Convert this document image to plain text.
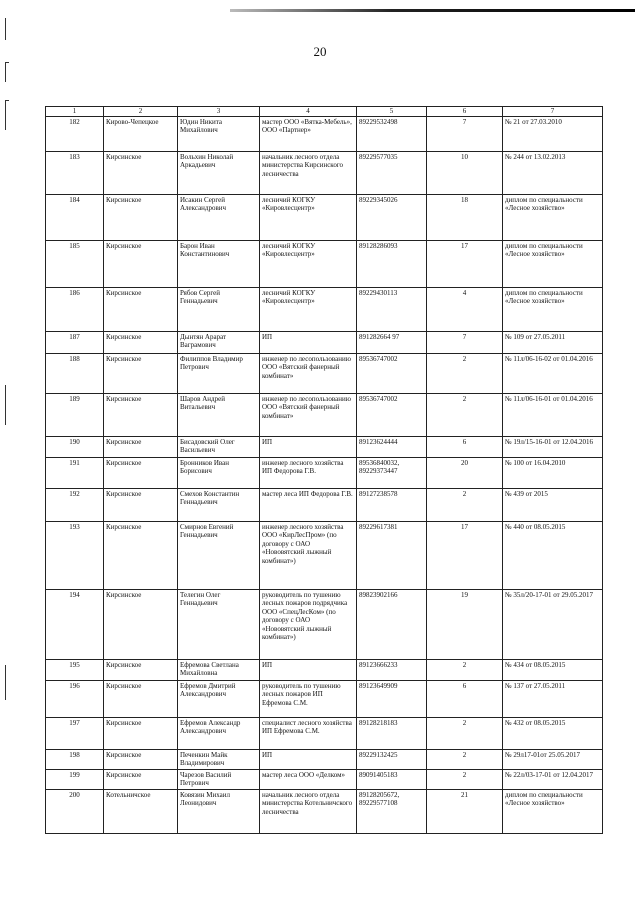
20
1	2	3	4	5	6	7
182	Кирово-Чепецкое	Юдин Никита Михайлович	мастер ООО «Вятка-Мебель», ООО «Партнер»	89229532498	7	№ 21 от 27.03.2010
183	Кирсинское	Вольхин Николай Аркадьевич	начальник лесного отдела министерства Кирсинского лесничества	89229577035	10	№ 244 от 13.02.2013
184	Кирсинское	Исакин Сергей Александрович	лесничий КОГКУ «Кировлесцентр»	89229345026	18	диплом по специальности «Лесное хозяйство»
185	Кирсинское	Барон Иван Константинович	лесничий КОГКУ «Кировлесцентр»	89128286093	17	диплом по специальности «Лесное хозяйство»
186	Кирсинское	Рябов Сергей Геннадьевич	лесничий КОГКУ «Кировлесцентр»	89229430113	4	диплом по специальности «Лесное хозяйство»
187	Кирсинское	Дынтян Арарат Ваграмович	ИП	891282664 97	7	№ 109 от 27.05.2011
188	Кирсинское	Филиппов Владимир Петрович	инженер по лесопользованию ООО «Вятский фанерный комбинат»	89536747002	2	№ 11л/06-16-02 от 01.04.2016
189	Кирсинское	Шаров Андрей Витальевич	инженер по лесопользованию ООО «Вятский фанерный комбинат»	89536747002	2	№ 11л/06-16-01 от 01.04.2016
190	Кирсинское	Бисадовский Олег Васильевич	ИП	89123624444	6	№ 19л/15-16-01 от 12.04.2016
191	Кирсинское	Бронников Иван Борисович	инженер лесного хозяйства ИП Федорова Г.В.	89536840032, 89229373447	20	№ 100 от 16.04.2010
192	Кирсинское	Смехов Константин Геннадьевич	мастер леса ИП Федорова Г.В.	89127238578	2	№ 439 от 2015
193	Кирсинское	Смирнов Евгений Геннадьевич	инженер лесного хозяйства ООО «КирЛесПром» (по договору с ОАО «Нововятский лыжный комбинат»)	89229617381	17	№ 440 от 08.05.2015
194	Кирсинское	Телегин Олег Геннадьевич	руководитель по тушению лесных пожаров подрядчика ООО «СпецЛесКом» (по договору с ОАО «Нововятский лыжный комбинат»)	89823902166	19	№ 35л/20-17-01 от 29.05.2017
195	Кирсинское	Ефремова Светлана Михайловна	ИП	89123666233	2	№ 434 от 08.05.2015
196	Кирсинское	Ефремов Дмитрий Александрович	руководитель по тушению лесных пожаров ИП Ефремова С.М.	89123649909	6	№ 137 от 27.05.2011
197	Кирсинское	Ефремов Александр Александрович	специалист лесного хозяйства ИП Ефремова С.М.	89128218183	2	№ 432 от 08.05.2015
198	Кирсинское	Печенкин Майк Владимирович	ИП	89229132425	2	№ 29л17-01от 25.05.2017
199	Кирсинское	Чарезов Василий Петрович	мастер леса ООО «Делком»	89091405183	2	№ 22л/03-17-01 от 12.04.2017
200	Котельничское	Ковязин Михаил Леонидович	начальник лесного отдела министерства Котельничского лесничества	89128205672, 89229577108	21	диплом по специальности «Лесное хозяйство»
